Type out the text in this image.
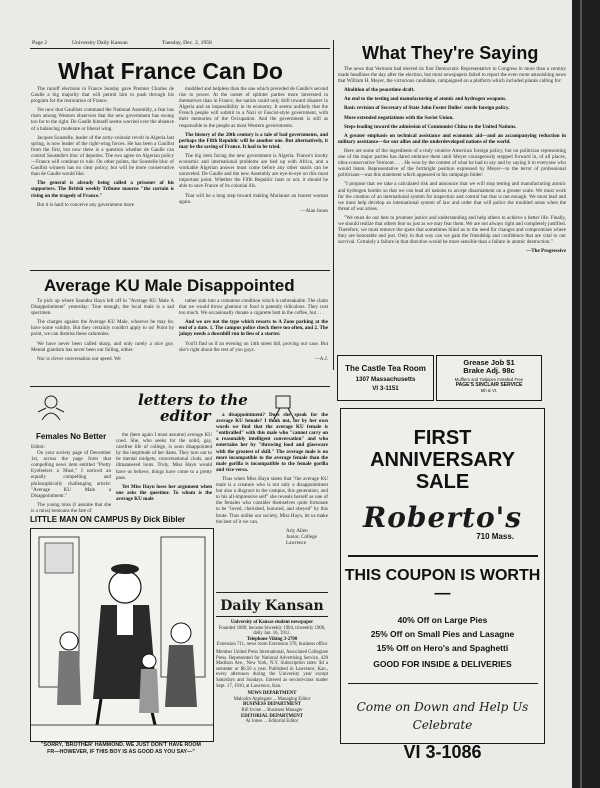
Page 2	University Daily Kansan	Tuesday, Dec. 2, 1958
What France Can Do

The runoff elections in France Sunday gave Premier Charles de Gaulle a big majority that will permit him to push through his program for the restoration of France.

Yet now that Gaullists command the National Assembly, a fear has risen among Western observers that the new government has swung too far to the right. De Gaulle himself seems worried over the absence of a balancing moderate or liberal wing.

Jacques Soustelle, leader of the army-colonist revolt in Algeria last spring, is now leader of the right-wing forces. He has been a Gaullist from the first, but now there is a question whether de Gaulle can control Soustelle's bloc of deputies. The two agree on Algerian policy—France will continue to rule. On other points, the Soustelle bloc of Gaullist winners has no clear policy, but will be more conservative than de Gaulle would like.

The general is already being called a prisoner of his supporters. The British weekly Tribune mourns "the curtain is rising on the tragedy of France."

But it is hard to conceive any government more

muddled and helpless than the one which preceded de Gaulle's second rise to power. At the outset of splinter parties more interested in themselves than in France, the nation could only drift toward disaster in Algeria and an impossibility in its economy. It seems unlikely that the French people will submit to a Nazi or Fascist-style government, with their memories of the Occupation. And the government is still as responsible to the people as most Western governments.

The history of the 20th century is a tale of bad governments, and perhaps the Fifth Republic will be another one. But alternatively, it may be the saving of France. It had to be tried.

The big item facing the new government is Algeria. France's knotty economic and international problems are tied up with Africa, and a workable Algerian answer must come before any other snarls can be unraveled. De Gaulle and the new Assembly are eye-to-eye on this most important point. Whether the Fifth Republic lasts or not, it should be able to save France of its colonial ills.

That will be a long step toward making Marianne an honest woman again.

—Alan Jones
Average KU Male Disappointed

To pick up where Saundra Hayn left off in "Average KU Male A Disappointment" yesterday: True enough, the local male is a sad specimen.

The charges against the Average KU Male, whoever he may be, have some validity. But they certainly couldn't apply to us! Point by point, we can dismiss these calumnies.

We have never been called sharp, and only rarely a nice guy. Mental giantism has never been our failing, either.

Nor is clever conversation our speed. We

rather sink into a comatose condition which is unbreakable. The claim that we would throw glamour or food is patently ridiculous. They cost too much. We occasionally donate a cigarette butt in the coffee, but . . .

And we are not the type which resorts to A Zone parking at the end of a date. 1. The campus police check there too often, and 2. The jalopy needs a downhill run in lieu of a starter.

You'll find us if an evening on 14th street hill, proving our case. But she's right about the rest of you guys.

—A.J.
letters to the
editor
Females No Better
Editor:

On your society page of December 1st, across the page from that compelling news item entitled "Pretty Eyefeelers a Must," I noticed an equally compelling and philosophically challenging article: "Average KU Male a Disappointment."

The young miss (I assume that she is a miss) bemoans the fate of

the (here again I must assume) average KU coed. She, who seeks for the solid, gay, carefree life of college, is soon disappointed by the ineptitude of her dates. They turn out to be mental midgets, conversational clods, and illmannered louts. Truly, Miss Hayn would have us believe, things have come to a pretty pass.

Yet Miss Hayn loses her argument when one asks the question: To whom is the average KU male

a disappointment? Does she speak for the average KU female? I think not, for by her own words we find that the average KU female is "enthralled" with this male who "cannot carry on a reasonably intelligent conversation" and who entertains her by "throwing food and glassware with the greatest of skill." The average male is no more incompatible to the average female than the male gorilla is incompatible to the female gorilla and vice versa.

Thus when Miss Hayn states that "the average KU male is a creature who is not only a disappointment but also a disgrace to the campus, this generation, and to his all-impressive self" she reveals herself as one of the females who consider themselves quite fortunate to be "loved, cherished, honored, and obeyed" by this brute. Thus unlike our society, Miss Hayn, let us make the best of it we can.

Arly Allen
Junior, College
Lawrence
LITTLE MAN ON CAMPUS By Dick Bibler
"SORRY, 'BROTHER' HAMMOND. WE JUST DON'T HAVE ROOM
FR—HOWEVER, IF THIS BOY IS AS GOOD AS YOU SAY—"
Daily Kansan
University of Kansas student newspaper
Founded 1889; became biweekly 1904, triweekly 1908, daily Jan. 16, 1912.
Telephone Viking 3-2700
Extension 711, news room Extension 376, business office
Member United Press International, Associated Collegiate Press. Represented for National Advertising Service, 420 Madison Ave., New York, N.Y. Subscription rates: $4 a semester or $6.50 a year. Published in Lawrence, Kan., every afternoon during the University year except Saturdays and Sundays. Entered as second-class matter Sept. 17, 1910, at Lawrence, Kan.
NEWS DEPARTMENT
Malcolm Applegate ... Managing Editor
BUSINESS DEPARTMENT
Bill Irvine ... Business Manager
EDITORIAL DEPARTMENT
Al Jones ... Editorial Editor
What They're Saying

The news that Vermont had elected its first Democratic Representative to Congress in more than a century made headlines the day after the election, but most newspapers failed to report the even more astonishing news that William H. Meyer, the victorious candidate, campaigned on a platform which included planks calling for:

Abolition of the peacetime draft.

An end to the testing and manufacturing of atomic and hydrogen weapons.

Basic revision of Secretary of State John Foster Dulles' sterile foreign policy.

More extended negotiations with the Soviet Union.

Steps leading toward the admission of Communist China to the United Nations.

A greater emphasis on technical assistance and economic aid—and an accompanying reduction in military assistance—for our allies and the underdeveloped nations of the world.

Here are some of the ingredients of a truly creative American foreign policy, but no politician representing one of the major parties has dared embrace them until Meyer courageously stepped forward in, of all places, ultra-conservative Vermont. . . . He won by the contest of what he had to say and by saying it to everyone who would listen. Representative of the forthright position expressed by Meyer—to the terror of professional politicians—was this statement which appeared in his campaign folder:

"I propose that we take a calculated risk and announce that we will stop testing and manufacturing atomic and hydrogen bombs so that we can lead all nations to accept disarmament on a greater scale. We must work for the creation of an international system for inspection and control but that is not enough. We must lead and we must help develop an international system of law and order that will police the troubled areas when the threat of war arises.

"We must do our best to promote justice and understanding and help others to achieve a better life. Finally, we should realize that others fear us just as we may fear them. We are not always right and completely justified. Therefore, we must remove the spots that sometimes blind us to the need for changes and compromises where they are honorable and just. Only in that way can we gain the friendship and confidence that are vital to our survival. Certainly a failure in that direction would be more sensible than a failure in atomic destruction."

—The Progressive
The Castle Tea Room
1307 Massachusetts
VI 3-1151
Grease Job $1
Brake Adj. 98c
Mufflers and Tailpipes Installed Free
PAGE'S SINCLAIR SERVICE
6th & Vt.
FIRST ANNIVERSARY
SALE
Roberto's
710 Mass.
THIS COUPON IS WORTH—
40% Off on Large Pies
25% Off on Small Pies and Lasagne
15% Off on Hero's and Spaghetti
GOOD FOR INSIDE & DELIVERIES
Come on Down and Help Us
Celebrate
VI 3-1086
